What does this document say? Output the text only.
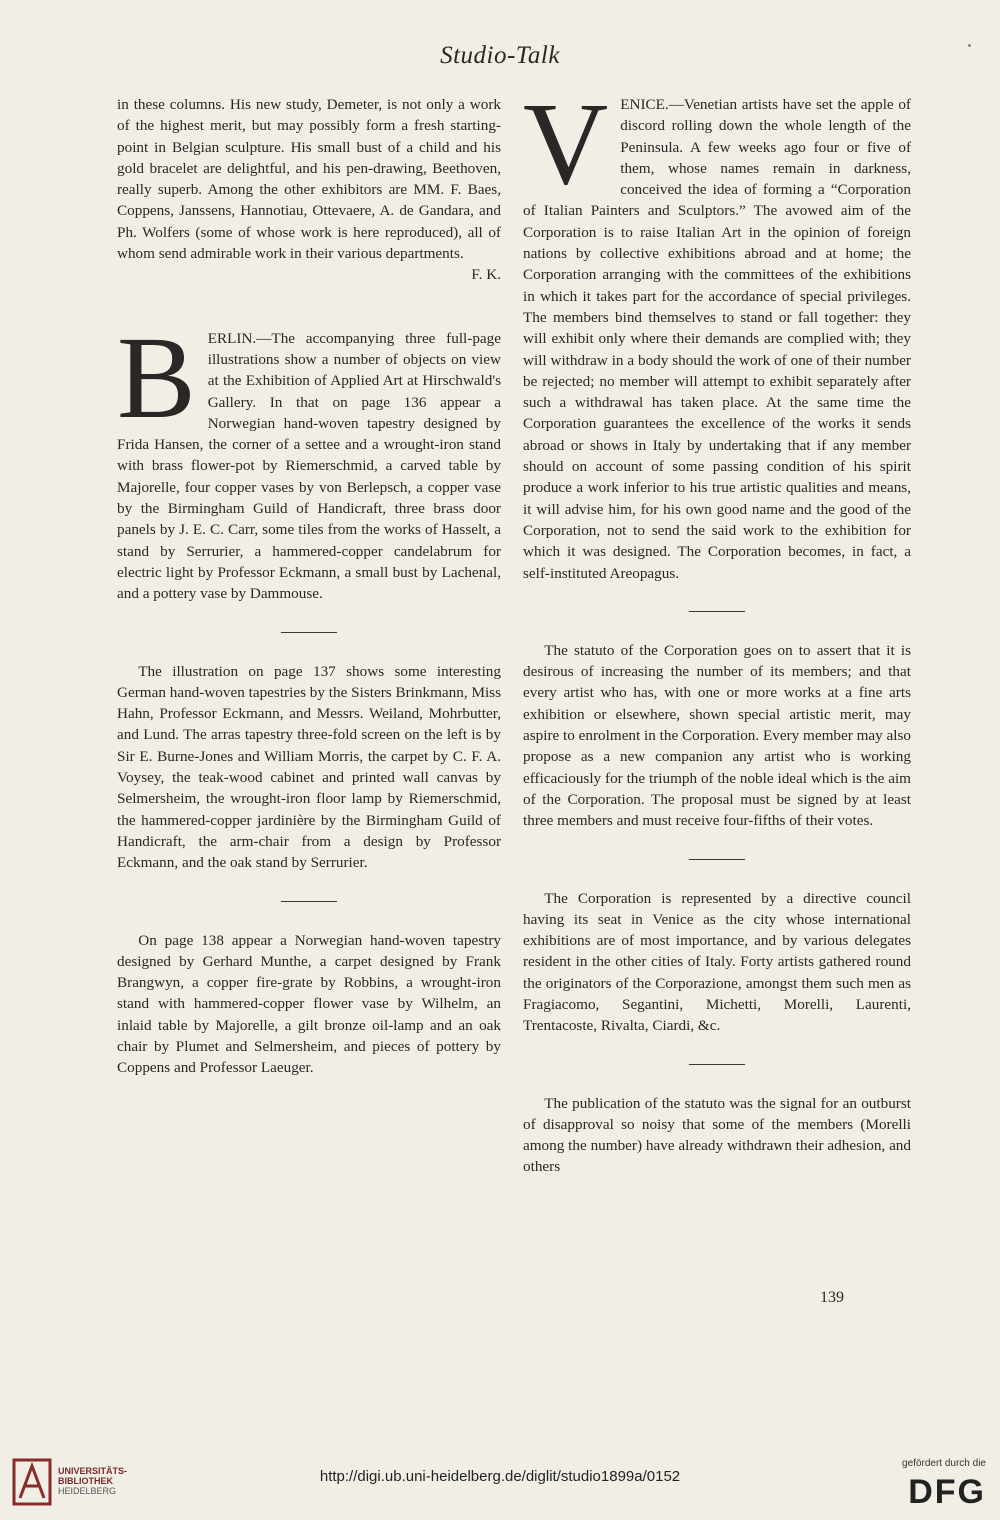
Studio-Talk

in these columns. His new study, Demeter, is not only a work of the highest merit, but may possibly form a fresh starting-point in Belgian sculpture. His small bust of a child and his gold bracelet are delightful, and his pen-drawing, Beethoven, really superb. Among the other exhibitors are MM. F. Baes, Coppens, Janssens, Hannotiau, Ottevaere, A. de Gandara, and Ph. Wolfers (some of whose work is here reproduced), all of whom send admirable work in their various departments.

F. K.

BERLIN.—The accompanying three full-page illustrations show a number of objects on view at the Exhibition of Applied Art at Hirschwald's Gallery. In that on page 136 appear a Norwegian hand-woven tapestry designed by Frida Hansen, the corner of a settee and a wrought-iron stand with brass flower-pot by Riemerschmid, a carved table by Majorelle, four copper vases by von Berlepsch, a copper vase by the Birmingham Guild of Handicraft, three brass door panels by J. E. C. Carr, some tiles from the works of Hasselt, a stand by Serrurier, a hammered-copper candelabrum for electric light by Professor Eckmann, a small bust by Lachenal, and a pottery vase by Dammouse.

The illustration on page 137 shows some interesting German hand-woven tapestries by the Sisters Brinkmann, Miss Hahn, Professor Eckmann, and Messrs. Weiland, Mohrbutter, and Lund. The arras tapestry three-fold screen on the left is by Sir E. Burne-Jones and William Morris, the carpet by C. F. A. Voysey, the teak-wood cabinet and printed wall canvas by Selmersheim, the wrought-iron floor lamp by Riemerschmid, the hammered-copper jardinière by the Birmingham Guild of Handicraft, the arm-chair from a design by Professor Eckmann, and the oak stand by Serrurier.

On page 138 appear a Norwegian hand-woven tapestry designed by Gerhard Munthe, a carpet designed by Frank Brangwyn, a copper fire-grate by Robbins, a wrought-iron stand with hammered-copper flower vase by Wilhelm, an inlaid table by Majorelle, a gilt bronze oil-lamp and an oak chair by Plumet and Selmersheim, and pieces of pottery by Coppens and Professor Laeuger.

VENICE.—Venetian artists have set the apple of discord rolling down the whole length of the Peninsula. A few weeks ago four or five of them, whose names remain in darkness, conceived the idea of forming a “Corporation of Italian Painters and Sculptors.” The avowed aim of the Corporation is to raise Italian Art in the opinion of foreign nations by collective exhibitions abroad and at home; the Corporation arranging with the committees of the exhibitions in which it takes part for the accordance of special privileges. The members bind themselves to stand or fall together: they will exhibit only where their demands are complied with; they will withdraw in a body should the work of one of their number be rejected; no member will attempt to exhibit separately after such a withdrawal has taken place. At the same time the Corporation guarantees the excellence of the works it sends abroad or shows in Italy by undertaking that if any member should on account of some passing condition of his spirit produce a work inferior to his true artistic qualities and means, it will advise him, for his own good name and the good of the Corporation, not to send the said work to the exhibition for which it was designed. The Corporation becomes, in fact, a self-instituted Areopagus.

The statuto of the Corporation goes on to assert that it is desirous of increasing the number of its members; and that every artist who has, with one or more works at a fine arts exhibition or elsewhere, shown special artistic merit, may aspire to enrolment in the Corporation. Every member may also propose as a new companion any artist who is working efficaciously for the triumph of the noble ideal which is the aim of the Corporation. The proposal must be signed by at least three members and must receive four-fifths of their votes.

The Corporation is represented by a directive council having its seat in Venice as the city whose international exhibitions are of most importance, and by various delegates resident in the other cities of Italy. Forty artists gathered round the originators of the Corporazione, amongst them such men as Fragiacomo, Segantini, Michetti, Morelli, Laurenti, Trentacoste, Rivalta, Ciardi, &c.

The publication of the statuto was the signal for an outburst of disapproval so noisy that some of the members (Morelli among the number) have already withdrawn their adhesion, and others

139
UNIVERSITÄTS-
BIBLIOTHEK
HEIDELBERG
http://digi.ub.uni-heidelberg.de/diglit/studio1899a/0152
gefördert durch die
DFG
